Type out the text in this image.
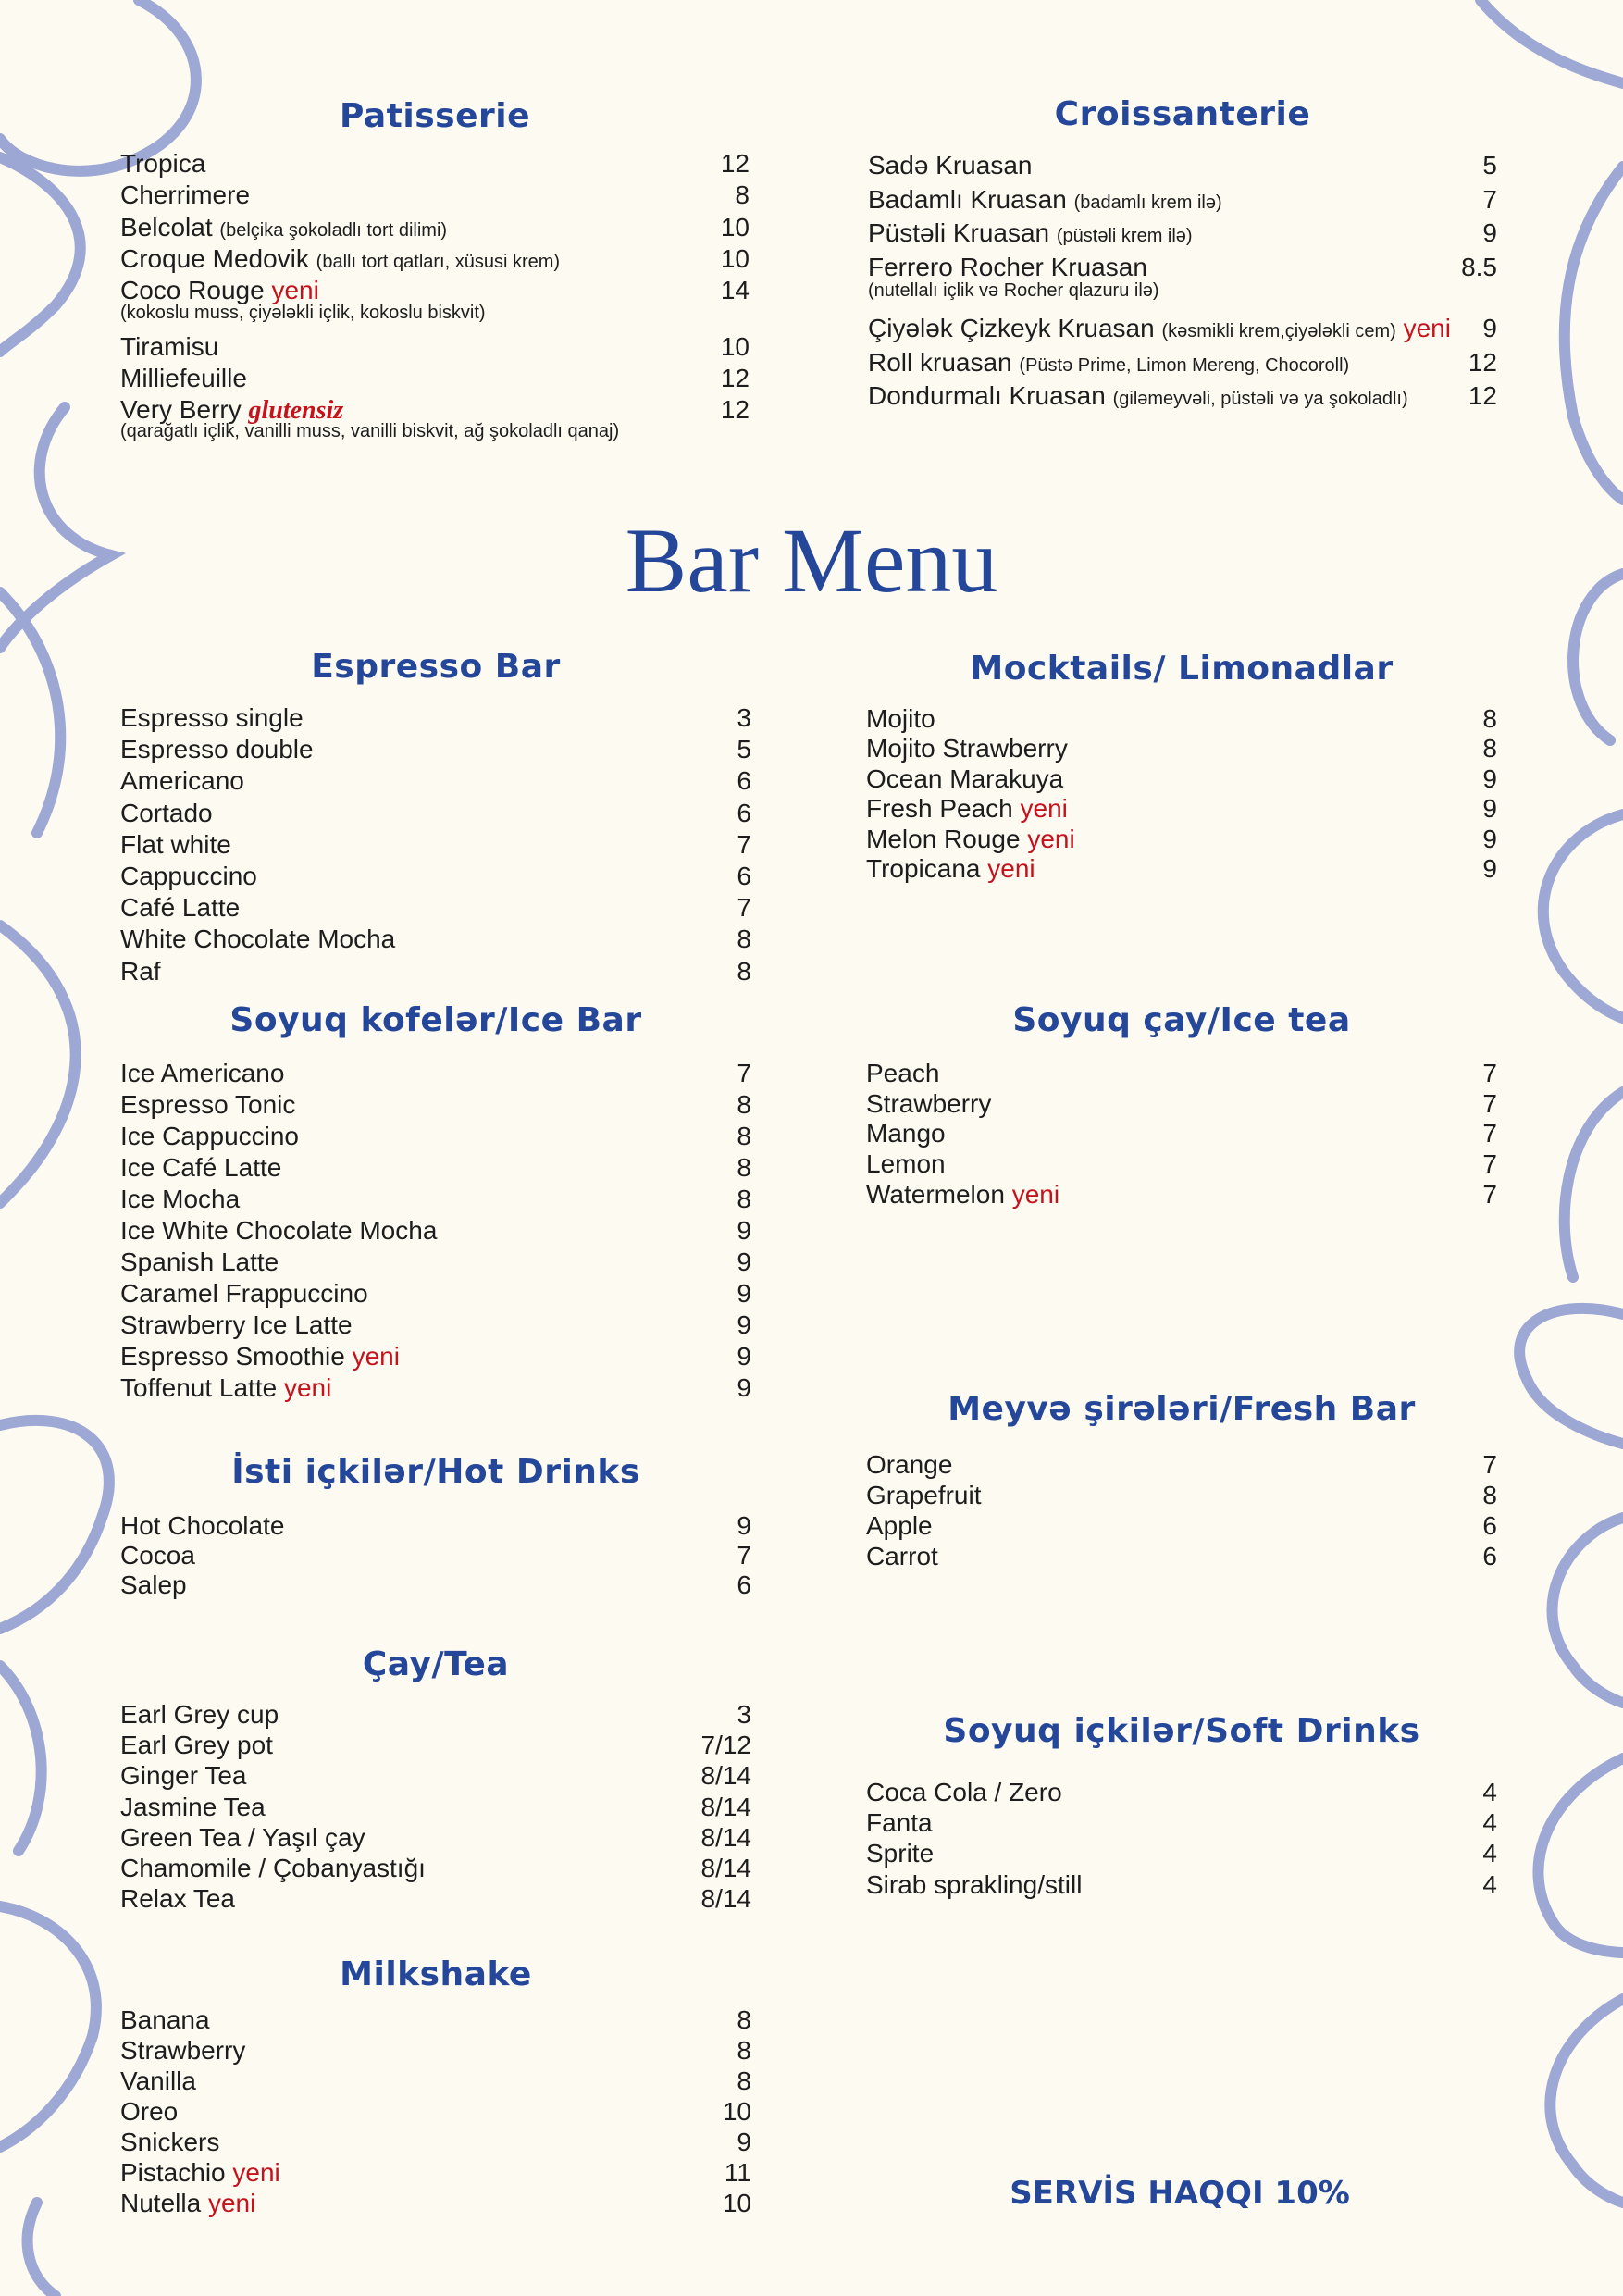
Bar Menu
SERVİS HAQQI 10%
Patisserie
Tropica	12
Cherrimere	8
Belcolat (belçika şokoladlı tort dilimi)	10
Croque Medovik (ballı tort qatları, xüsusi krem)	10
Coco Rouge yeni	14
(kokoslu muss, çiyələkli içlik, kokoslu biskvit)
Tiramisu	10
Milliefeuille	12
Very Berry glutensiz	12
(qarağatlı içlik, vanilli muss, vanilli biskvit, ağ şokoladlı qanaj)
Croissanterie
Sadə Kruasan	5
Badamlı Kruasan (badamlı krem ilə)	7
Püstəli Kruasan (püstəli krem ilə)	9
Ferrero Rocher Kruasan	8.5
(nutellalı içlik və Rocher qlazuru ilə)
Çiyələk Çizkeyk Kruasan (kəsmikli krem,çiyələkli cem) yeni 9
Roll kruasan (Püstə Prime, Limon Mereng, Chocoroll)	12
Dondurmalı Kruasan (giləmeyvəli, püstəli və ya şokoladlı) 12
Espresso Bar
Espresso single	3
Espresso double	5
Americano	6
Cortado	6
Flat white	7
Cappuccino	6
Café Latte	7
White Chocolate Mocha	8
Raf	8
Mocktails/ Limonadlar
Mojito	8
Mojito Strawberry	8
Ocean Marakuya	9
Fresh Peach yeni	9
Melon Rouge yeni	9
Tropicana yeni	9
Soyuq kofelər/Ice Bar
Ice Americano	7
Espresso Tonic	8
Ice Cappuccino	8
Ice Café Latte	8
Ice Mocha	8
Ice White Chocolate Mocha	9
Spanish Latte	9
Caramel Frappuccino	9
Strawberry Ice Latte	9
Espresso Smoothie yeni	9
Toffenut Latte yeni	9
Soyuq çay/Ice tea
Peach	7
Strawberry	7
Mango	7
Lemon	7
Watermelon yeni	7
İsti içkilər/Hot Drinks
Hot Chocolate	9
Cocoa	7
Salep	6
Meyvə şirələri/Fresh Bar
Orange	7
Grapefruit	8
Apple	6
Carrot	6
Çay/Tea
Earl Grey cup	3
Earl Grey pot	7/12
Ginger Tea	8/14
Jasmine Tea	8/14
Green Tea / Yaşıl çay	8/14
Chamomile / Çobanyastığı	8/14
Relax Tea	8/14
Soyuq içkilər/Soft Drinks
Coca Cola / Zero	4
Fanta	4
Sprite	4
Sirab sprakling/still	4
Milkshake
Banana	8
Strawberry	8
Vanilla	8
Oreo	10
Snickers	9
Pistachio yeni	11
Nutella yeni	10
